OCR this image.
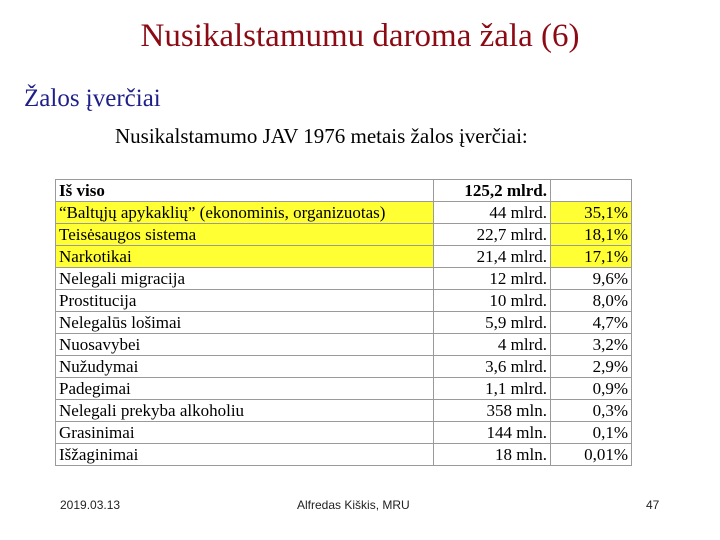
Nusikalstamumu daroma žala (6)
Žalos įverčiai
Nusikalstamumo JAV 1976 metais žalos įverčiai:
Iš viso	125,2 mlrd.	
“Baltųjų apykaklių” (ekonominis, organizuotas)	44 mlrd.	35,1%
Teisėsaugos sistema	22,7 mlrd.	18,1%
Narkotikai	21,4 mlrd.	17,1%
Nelegali migracija	12 mlrd.	9,6%
Prostitucija	10 mlrd.	8,0%
Nelegalūs lošimai	5,9 mlrd.	4,7%
Nuosavybei	4 mlrd.	3,2%
Nužudymai	3,6 mlrd.	2,9%
Padegimai	1,1 mlrd.	0,9%
Nelegali prekyba alkoholiu	358 mln.	0,3%
Grasinimai	144 mln.	0,1%
Išžaginimai	18 mln.	0,01%
2019.03.13	Alfredas Kiškis, MRU	47
